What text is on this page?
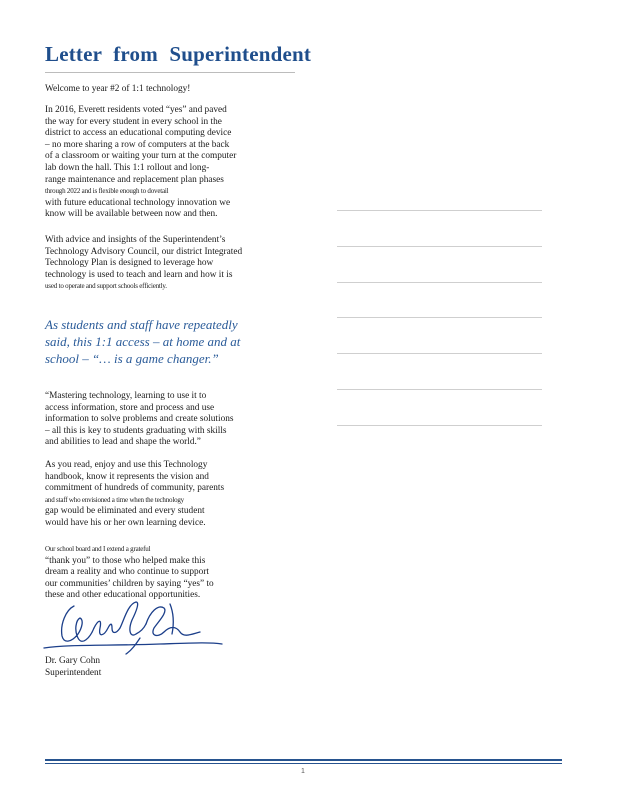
Letter from Superintendent
Welcome to year #2 of 1:1 technology!
In 2016, Everett residents voted “yes” and paved
the way for every student in every school in the
district to access an educational computing device
– no more sharing a row of computers at the back
of a classroom or waiting your turn at the computer
lab down the hall. This 1:1 rollout and long-
range maintenance and replacement plan phases
through 2022 and is flexible enough to dovetail
with future educational technology innovation we
know will be available between now and then.
With advice and insights of the Superintendent’s
Technology Advisory Council, our district Integrated
Technology Plan is designed to leverage how
technology is used to teach and learn and how it is
used to operate and support schools efficiently.
As students and staff have repeatedly
said, this 1:1 access – at home and at
school – “… is a game changer.”
“Mastering technology, learning to use it to
access information, store and process and use
information to solve problems and create solutions
– all this is key to students graduating with skills
and abilities to lead and shape the world.”
As you read, enjoy and use this Technology
handbook, know it represents the vision and
commitment of hundreds of community, parents
and staff who envisioned a time when the technology
gap would be eliminated and every student
would have his or her own learning device.
Our school board and I extend a grateful
“thank you” to those who helped make this
dream a reality and who continue to support
our communities’ children by saying “yes” to
these and other educational opportunities.
Dr. Gary Cohn
Superintendent
1
